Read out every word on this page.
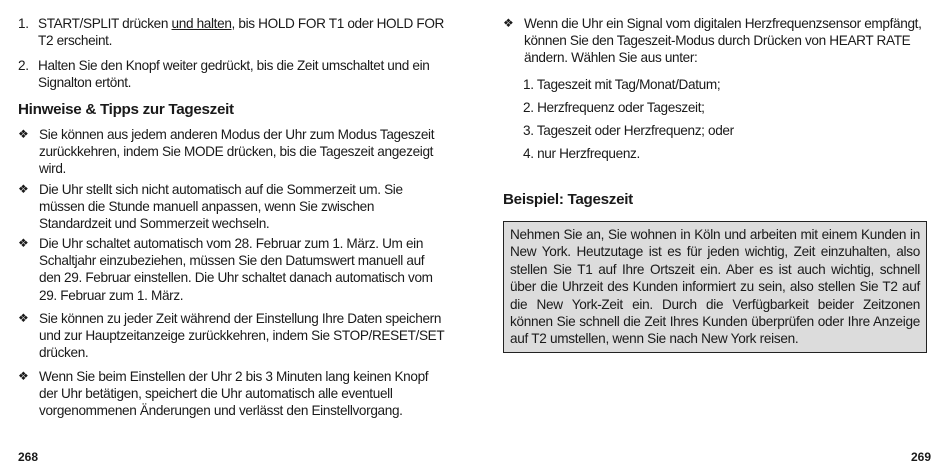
1. START/SPLIT drücken und halten, bis HOLD FOR T1 oder HOLD FOR T2 erscheint.
2. Halten Sie den Knopf weiter gedrückt, bis die Zeit umschaltet und ein Signalton ertönt.
Hinweise & Tipps zur Tageszeit
❖ Sie können aus jedem anderen Modus der Uhr zum Modus Tageszeit zurückkehren, indem Sie MODE drücken, bis die Tageszeit angezeigt wird.
❖ Die Uhr stellt sich nicht automatisch auf die Sommerzeit um. Sie müssen die Stunde manuell anpassen, wenn Sie zwischen Standardzeit und Sommerzeit wechseln.
❖ Die Uhr schaltet automatisch vom 28. Februar zum 1. März. Um ein Schaltjahr einzubeziehen, müssen Sie den Datumswert manuell auf den 29. Februar einstellen. Die Uhr schaltet danach automatisch vom 29. Februar zum 1. März.
❖ Sie können zu jeder Zeit während der Einstellung Ihre Daten speichern und zur Hauptzeitanzeige zurückkehren, indem Sie STOP/RESET/SET drücken.
❖ Wenn Sie beim Einstellen der Uhr 2 bis 3 Minuten lang keinen Knopf der Uhr betätigen, speichert die Uhr automatisch alle eventuell vorgenommenen Änderungen und verlässt den Einstellvorgang.
268
❖ Wenn die Uhr ein Signal vom digitalen Herzfrequenzsensor empfängt, können Sie den Tageszeit-Modus durch Drücken von HEART RATE ändern. Wählen Sie aus unter:
1. Tageszeit mit Tag/Monat/Datum;
2. Herzfrequenz oder Tageszeit;
3. Tageszeit oder Herzfrequenz; oder
4. nur Herzfrequenz.
Beispiel: Tageszeit

Nehmen Sie an, Sie wohnen in Köln und arbeiten mit einem Kunden in New York. Heutzutage ist es für jeden wichtig, Zeit einzuhalten, also stellen Sie T1 auf Ihre Ortszeit ein. Aber es ist auch wichtig, schnell über die Uhrzeit des Kunden informiert zu sein, also stellen Sie T2 auf die New York-Zeit ein. Durch die Verfügbarkeit beider Zeitzonen können Sie schnell die Zeit Ihres Kunden überprüfen oder Ihre Anzeige auf T2 umstellen, wenn Sie nach New York reisen.

269
